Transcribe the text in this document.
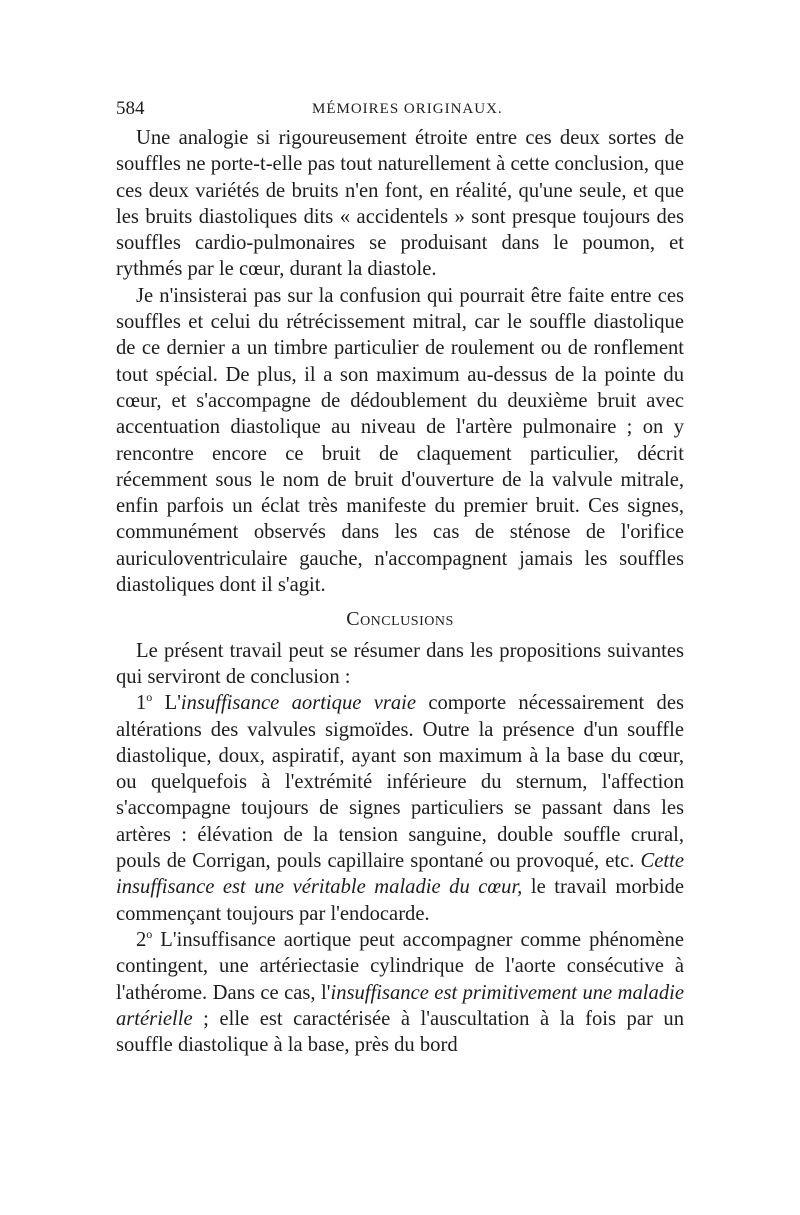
584	MÉMOIRES ORIGINAUX.

Une analogie si rigoureusement étroite entre ces deux sortes de souffles ne porte-t-elle pas tout naturellement à cette conclusion, que ces deux variétés de bruits n'en font, en réalité, qu'une seule, et que les bruits diastoliques dits « accidentels » sont presque toujours des souffles cardio-pulmonaires se produisant dans le poumon, et rythmés par le cœur, durant la diastole.

Je n'insisterai pas sur la confusion qui pourrait être faite entre ces souffles et celui du rétrécissement mitral, car le souffle diastolique de ce dernier a un timbre particulier de roulement ou de ronflement tout spécial. De plus, il a son maximum au-dessus de la pointe du cœur, et s'accompagne de dédoublement du deuxième bruit avec accentuation diastolique au niveau de l'artère pulmonaire ; on y rencontre encore ce bruit de claquement particulier, décrit récemment sous le nom de bruit d'ouverture de la valvule mitrale, enfin parfois un éclat très manifeste du premier bruit. Ces signes, communément observés dans les cas de sténose de l'orifice auriculoventriculaire gauche, n'accompagnent jamais les souffles diastoliques dont il s'agit.

Conclusions

Le présent travail peut se résumer dans les propositions suivantes qui serviront de conclusion :

1$^o$ L'insuffisance aortique vraie comporte nécessairement des altérations des valvules sigmoïdes. Outre la présence d'un souffle diastolique, doux, aspiratif, ayant son maximum à la base du cœur, ou quelquefois à l'extrémité inférieure du sternum, l'affection s'accompagne toujours de signes particuliers se passant dans les artères : élévation de la tension sanguine, double souffle crural, pouls de Corrigan, pouls capillaire spontané ou provoqué, etc. Cette insuffisance est une véritable maladie du cœur, le travail morbide commençant toujours par l'endocarde.

2$^o$ L'insuffisance aortique peut accompagner comme phénomène contingent, une artériectasie cylindrique de l'aorte consécutive à l'athérome. Dans ce cas, l'insuffisance est primitivement une maladie artérielle ; elle est caractérisée à l'auscultation à la fois par un souffle diastolique à la base, près du bord
